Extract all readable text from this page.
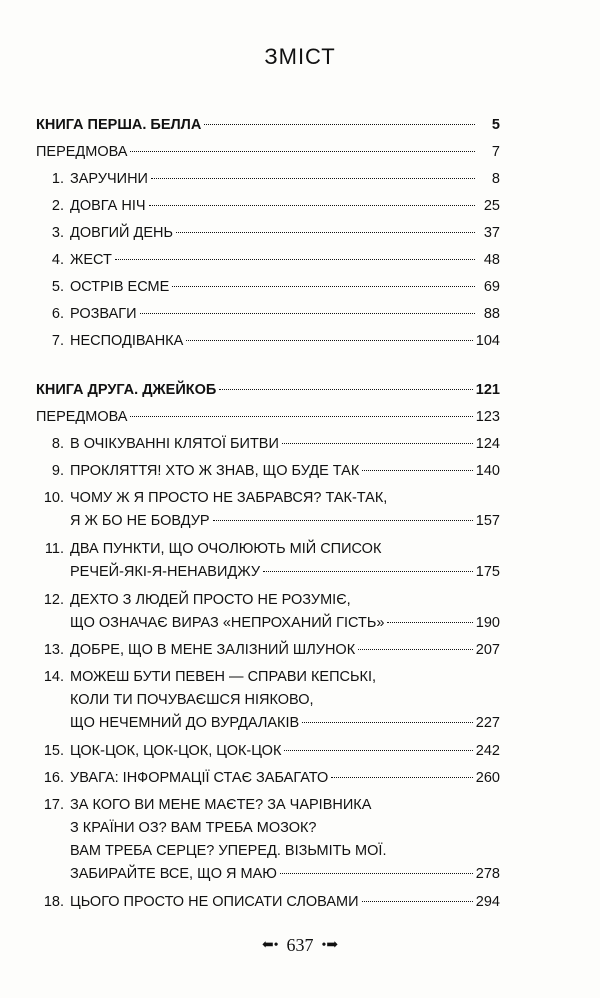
ЗМІСТ
КНИГА ПЕРША. БЕЛЛА	5
ПЕРЕДМОВА	7
1. ЗАРУЧИНИ	8
2. ДОВГА НІЧ	25
3. ДОВГИЙ ДЕНЬ	37
4. ЖЕСТ	48
5. ОСТРІВ ЕСМЕ	69
6. РОЗВАГИ	88
7. НЕСПОДІВАНКА	104
КНИГА ДРУГА. ДЖЕЙКОБ	121
ПЕРЕДМОВА	123
8. В ОЧІКУВАННІ КЛЯТОЇ БИТВИ	124
9. ПРОКЛЯТТЯ! ХТО Ж ЗНАВ, ЩО БУДЕ ТАК	140
10. ЧОМУ Ж Я ПРОСТО НЕ ЗАБРАВСЯ? ТАК-ТАК,
Я Ж БО НЕ БОВДУР	157
11. ДВА ПУНКТИ, ЩО ОЧОЛЮЮТЬ МІЙ СПИСОК
РЕЧЕЙ-ЯКІ-Я-НЕНАВИДЖУ	175
12. ДЕХТО З ЛЮДЕЙ ПРОСТО НЕ РОЗУМІЄ,
ЩО ОЗНАЧАЄ ВИРАЗ «НЕПРОХАНИЙ ГІСТЬ»	190
13. ДОБРЕ, ЩО В МЕНЕ ЗАЛІЗНИЙ ШЛУНОК	207
14. МОЖЕШ БУТИ ПЕВЕН — СПРАВИ КЕПСЬКІ,
КОЛИ ТИ ПОЧУВАЄШСЯ НІЯКОВО,
ЩО НЕЧЕМНИЙ ДО ВУРДАЛАКІВ	227
15. ЦОК-ЦОК, ЦОК-ЦОК, ЦОК-ЦОК	242
16. УВАГА: ІНФОРМАЦІЇ СТАЄ ЗАБАГАТО	260
17. ЗА КОГО ВИ МЕНЕ МАЄТЕ? ЗА ЧАРІВНИКА
З КРАЇНИ ОЗ? ВАМ ТРЕБА МОЗОК?
ВАМ ТРЕБА СЕРЦЕ? УПЕРЕД. ВІЗЬМІТЬ МОЇ.
ЗАБИРАЙТЕ ВСЕ, ЩО Я МАЮ	278
18. ЦЬОГО ПРОСТО НЕ ОПИСАТИ СЛОВАМИ	294
⬅• 637 •➡
